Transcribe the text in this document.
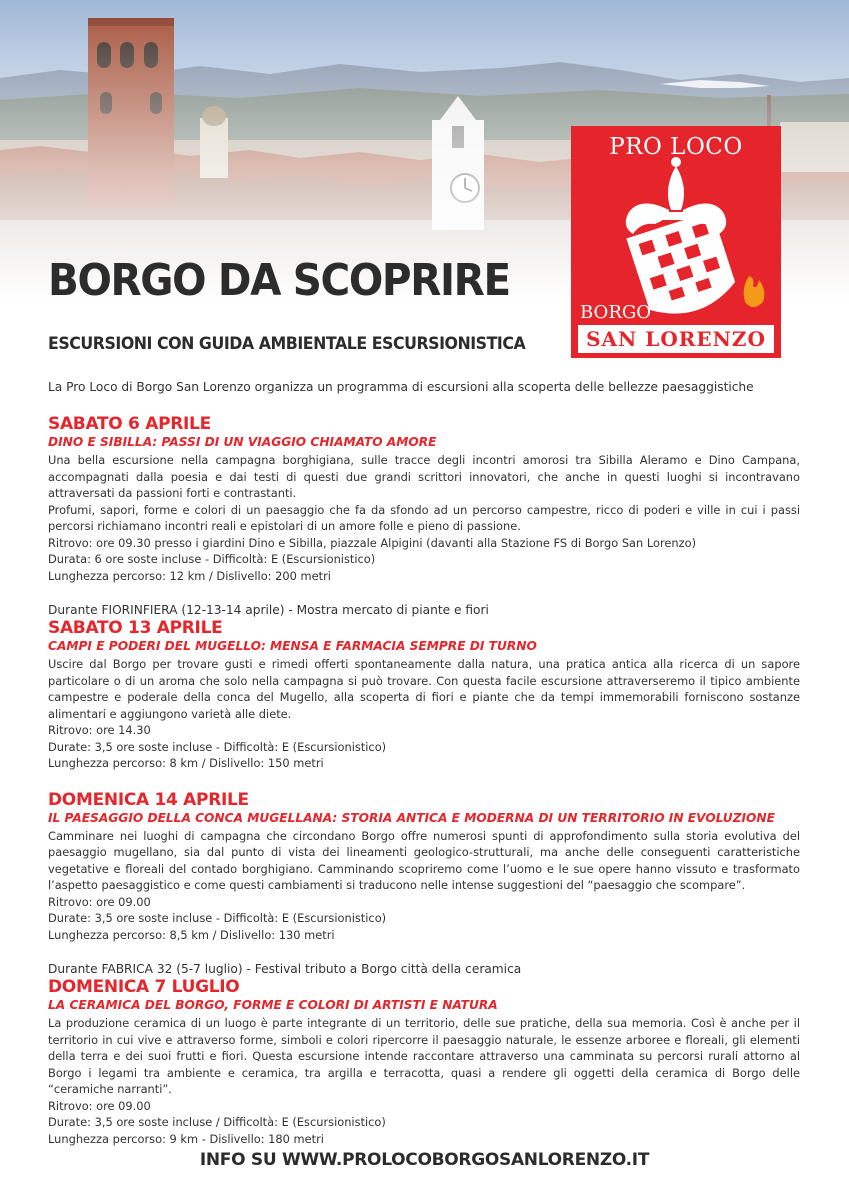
PRO LOCO
BORGO
SAN LORENZO
BORGO DA SCOPRIRE
ESCURSIONI CON GUIDA AMBIENTALE ESCURSIONISTICA
La Pro Loco di Borgo San Lorenzo organizza un programma di escursioni alla scoperta delle bellezze paesaggistiche
SABATO 6 APRILE
DINO E SIBILLA: PASSI DI UN VIAGGIO CHIAMATO AMORE

Una bella escursione nella campagna borghigiana, sulle tracce degli incontri amorosi tra Sibilla Aleramo e Dino Campana, accompagnati dalla poesia e dai testi di questi due grandi scrittori innovatori, che anche in questi luoghi si incontravano attraversati da passioni forti e contrastanti.

Profumi, sapori, forme e colori di un paesaggio che fa da sfondo ad un percorso campestre, ricco di poderi e ville in cui i passi percorsi richiamano incontri reali e epistolari di un amore folle e pieno di passione.

Ritrovo: ore 09.30 presso i giardini Dino e Sibilla, piazzale Alpigini (davanti alla Stazione FS di Borgo San Lorenzo)
Durata: 6 ore soste incluse - Difficoltà: E (Escursionistico)
Lunghezza percorso: 12 km / Dislivello: 200 metri
Durante FIORINFIERA (12-13-14 aprile) - Mostra mercato di piante e fiori
SABATO 13 APRILE
CAMPI E PODERI DEL MUGELLO: MENSA E FARMACIA SEMPRE DI TURNO

Uscire dal Borgo per trovare gusti e rimedi offerti spontaneamente dalla natura, una pratica antica alla ricerca di un sapore particolare o di un aroma che solo nella campagna si può trovare. Con questa facile escursione attraverseremo il tipico ambiente campestre e poderale della conca del Mugello, alla scoperta di fiori e piante che da tempi immemorabili forniscono sostanze alimentari e aggiungono varietà alle diete.

Ritrovo: ore 14.30
Durate: 3,5 ore soste incluse - Difficoltà: E (Escursionistico)
Lunghezza percorso: 8 km / Dislivello: 150 metri
DOMENICA 14 APRILE
IL PAESAGGIO DELLA CONCA MUGELLANA: STORIA ANTICA E MODERNA DI UN TERRITORIO IN EVOLUZIONE

Camminare nei luoghi di campagna che circondano Borgo offre numerosi spunti di approfondimento sulla storia evolutiva del paesaggio mugellano, sia dal punto di vista dei lineamenti geologico-strutturali, ma anche delle conseguenti caratteristiche vegetative e floreali del contado borghigiano. Camminando scopriremo come l’uomo e le sue opere hanno vissuto e trasformato l’aspetto paesaggistico e come questi cambiamenti si traducono nelle intense suggestioni del “paesaggio che scompare”.

Ritrovo: ore 09.00
Durate: 3,5 ore soste incluse - Difficoltà: E (Escursionistico)
Lunghezza percorso: 8,5 km / Dislivello: 130 metri
Durante FABRICA 32 (5-7 luglio) - Festival tributo a Borgo città della ceramica
DOMENICA 7 LUGLIO
LA CERAMICA DEL BORGO, FORME E COLORI DI ARTISTI E NATURA

La produzione ceramica di un luogo è parte integrante di un territorio, delle sue pratiche, della sua memoria. Così è anche per il territorio in cui vive e attraverso forme, simboli e colori ripercorre il paesaggio naturale, le essenze arboree e floreali, gli elementi della terra e dei suoi frutti e fiori. Questa escursione intende raccontare attraverso una camminata su percorsi rurali attorno al Borgo i legami tra ambiente e ceramica, tra argilla e terracotta, quasi a rendere gli oggetti della ceramica di Borgo delle “ceramiche narranti”.

Ritrovo: ore 09.00
Durate: 3,5 ore soste incluse / Difficoltà: E (Escursionistico)
Lunghezza percorso: 9 km - Dislivello: 180 metri
INFO SU WWW.PROLOCOBORGOSANLORENZO.IT
